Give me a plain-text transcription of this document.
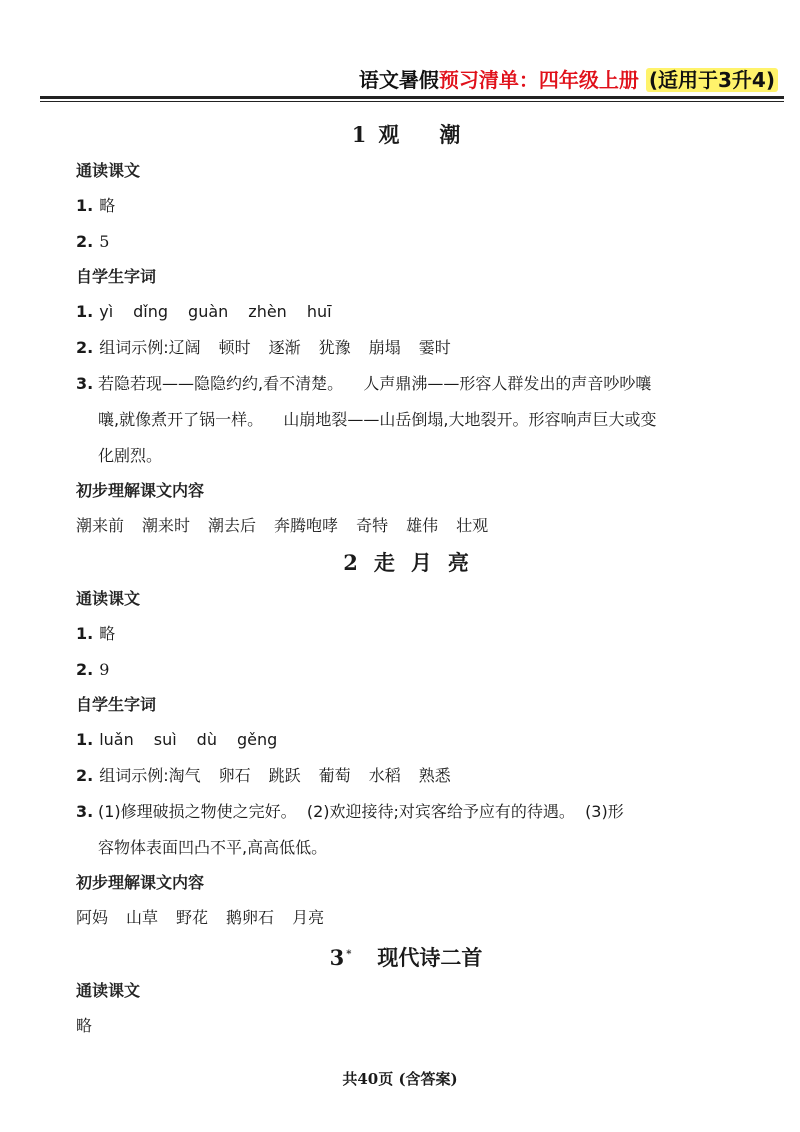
语文暑假预习清单：四年级上册 (适用于3升4)
1 观 潮
通读课文
1. 略
2. 5
自学生字词
1. yì dǐng guàn zhèn huī
2. 组词示例:辽阔 顿时 逐渐 犹豫 崩塌 霎时
3. 若隐若现——隐隐约约,看不清楚。    人声鼎沸——形容人群发出的声音吵吵嚷
嚷,就像煮开了锅一样。    山崩地裂——山岳倒塌,大地裂开。形容响声巨大或变
化剧烈。
初步理解课文内容
潮来前 潮来时 潮去后 奔腾咆哮 奇特 雄伟 壮观
2 走 月 亮
通读课文
1. 略
2. 9
自学生字词
1. luǎn suì dù gěng
2. 组词示例:淘气 卵石 跳跃 葡萄 水稻 熟悉
3. (1)修理破损之物使之完好。  (2)欢迎接待;对宾客给予应有的待遇。  (3)形
容物体表面凹凸不平,高高低低。
初步理解课文内容
阿妈 山草 野花 鹅卵石 月亮
3 * 现代诗二首
通读课文
略
共40页 (含答案)
